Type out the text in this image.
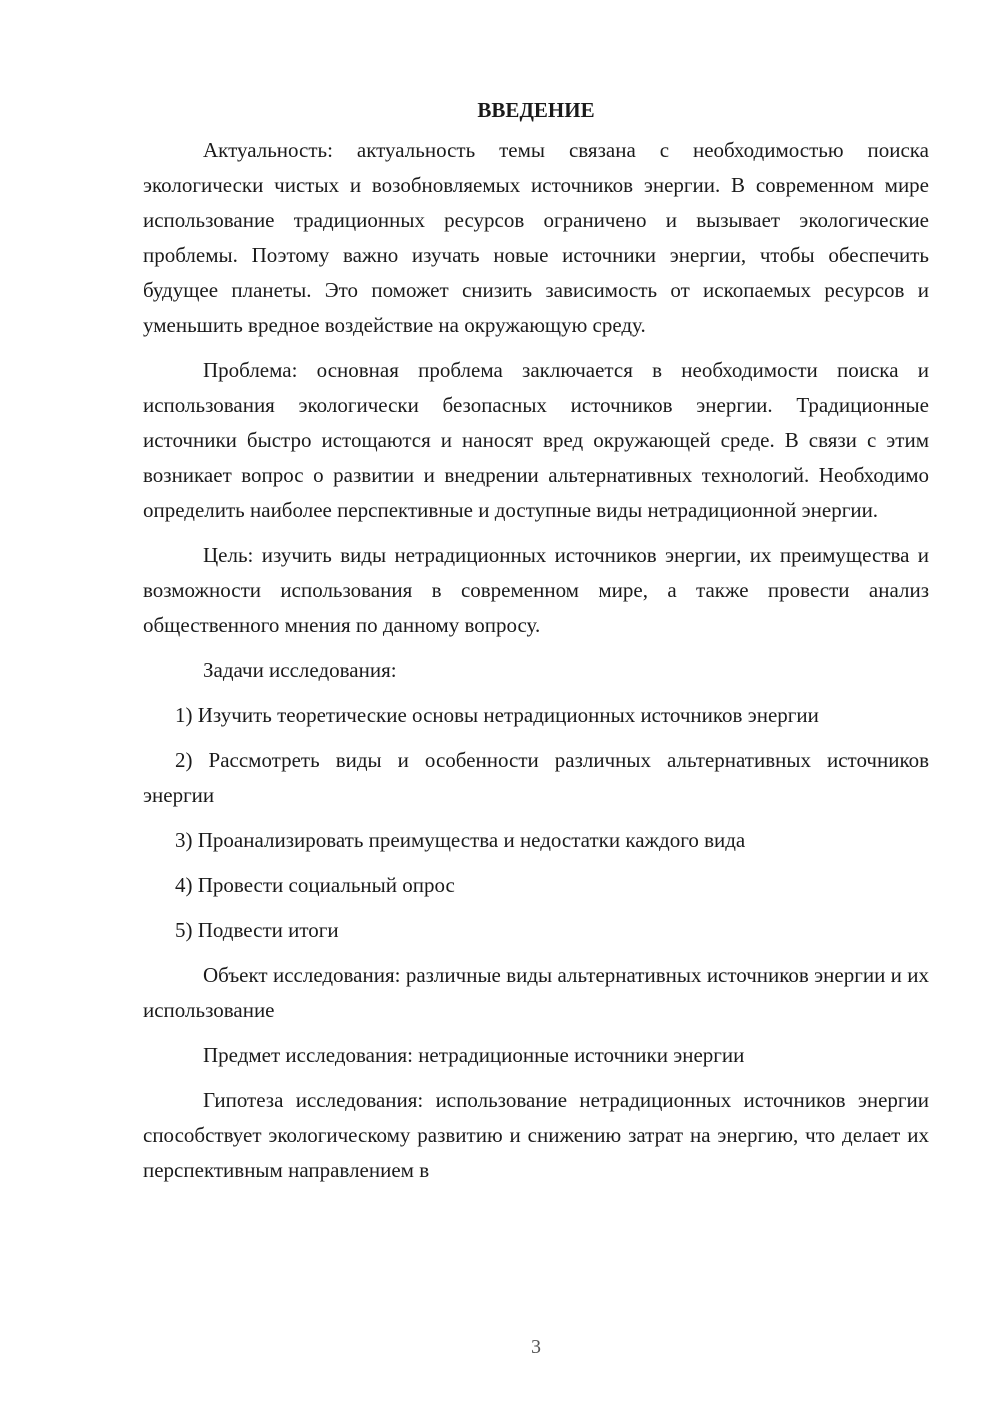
ВВЕДЕНИЕ

Актуальность: актуальность темы связана с необходимостью поиска экологически чистых и возобновляемых источников энергии. В современном мире использование традиционных ресурсов ограничено и вызывает экологические проблемы. Поэтому важно изучать новые источники энергии, чтобы обеспечить будущее планеты. Это поможет снизить зависимость от ископаемых ресурсов и уменьшить вредное воздействие на окружающую среду.

Проблема: основная проблема заключается в необходимости поиска и использования экологически безопасных источников энергии. Традиционные источники быстро истощаются и наносят вред окружающей среде. В связи с этим возникает вопрос о развитии и внедрении альтернативных технологий. Необходимо определить наиболее перспективные и доступные виды нетрадиционной энергии.

Цель: изучить виды нетрадиционных источников энергии, их преимущества и возможности использования в современном мире, а также провести анализ общественного мнения по данному вопросу.

Задачи исследования:

1) Изучить теоретические основы нетрадиционных источников энергии

2) Рассмотреть виды и особенности различных альтернативных источников энергии

3) Проанализировать преимущества и недостатки каждого вида

4) Провести социальный опрос

5) Подвести итоги

Объект исследования: различные виды альтернативных источников энергии и их использование

Предмет исследования: нетрадиционные источники энергии

Гипотеза исследования: использование нетрадиционных источников энергии способствует экологическому развитию и снижению затрат на энергию, что делает их перспективным направлением в

3
